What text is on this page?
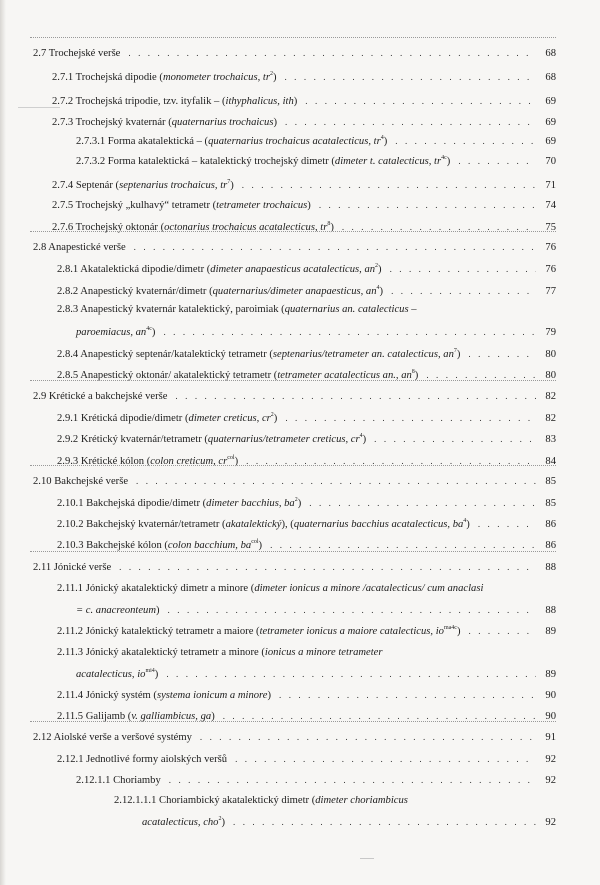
2.7 Trochejské verše . . .	68
2.7.1 Trochejská dipodie (monometer trochaicus, $tr^2$) . . .	68
2.7.2 Trochejská tripodie, tzv. ityfalik – (ithyphalicus, ith) . . .	69
2.7.3 Trochejský kvaternár (quaternarius trochaicus) . . .	69
2.7.3.1 Forma akatalektická – (quaternarius trochaicus acatalecticus, $tr^4$) . . .	69
2.7.3.2 Forma katalektická – katalektický trochejský dimetr (dimeter t. catalecticus, $tr^{4c}$) . . .	70
2.7.4 Septenár (septenarius trochaicus, $tr^7$) . . .	71
2.7.5 Trochejský „kulhavý“ tetrametr (tetrameter trochaicus) . . .	74
2.7.6 Trochejský oktonár (octonarius trochaicus acatalecticus, $tr^8$) . . .	75
2.8 Anapestické verše . . .	76
2.8.1 Akatalektická dipodie/dimetr (dimeter anapaesticus acatalecticus, $an^2$) . . .	76
2.8.2 Anapestický kvaternár/dimetr (quaternarius/dimeter anapaesticus, $an^4$) . . .	77
2.8.3 Anapestický kvaternár katalektický, paroimiak (quaternarius an. catalecticus –
paroemiacus, $an^{4c}$) . . .	79
2.8.4 Anapestický septenár/katalektický tetrametr (septenarius/tetrameter an. catalecticus, $an^7$) . . .	80
2.8.5 Anapestický oktonár/ akatalektický tetrametr (tetrameter acatalecticus an., $an^8$) . . .	80
2.9 Krétické a bakchejské verše . . .	82
2.9.1 Krétická dipodie/dimetr (dimeter creticus, $cr^2$) . . .	82
2.9.2 Krétický kvaternár/tetrametr (quaternarius/tetrameter creticus, $cr^4$) . . .	83
2.9.3 Krétické kólon (colon creticum, $cr^{col}$) . . .	84
2.10 Bakchejské verše . . .	85
2.10.1 Bakchejská dipodie/dimetr (dimeter bacchius, $ba^2$) . . .	85
2.10.2 Bakchejský kvaternár/tetrametr (akatalektický), (quaternarius bacchius acatalecticus, $ba^4$) . . .	86
2.10.3 Bakchejské kólon (colon bacchium, $ba^{col}$) . . .	86
2.11 Jónické verše . . .	88
2.11.1 Jónický akatalektický dimetr a minore (dimeter ionicus a minore /acatalecticus/ cum anaclasi
= c. anacreonteum) . . .	88
2.11.2 Jónický katalektický tetrametr a maiore (tetrameter ionicus a maiore catalecticus, $io^{ma4c}$) . . .	89
2.11.3 Jónický akatalektický tetrametr a minore (ionicus a minore tetrameter
acatalecticus, $io^{mi4}$) . . .	89
2.11.4 Jónický systém (systema ionicum a minore) . . .	90
2.11.5 Galijamb (v. galliambicus, ga) . . .	90
2.12 Aiolské verše a veršové systémy . . .	91
2.12.1 Jednotlivé formy aiolských veršů . . .	92
2.12.1.1 Choriamby . . .	92
2.12.1.1.1 Choriambický akatalektický dimetr (dimeter choriambicus
acatalecticus, cho$^2$) . . .	92
